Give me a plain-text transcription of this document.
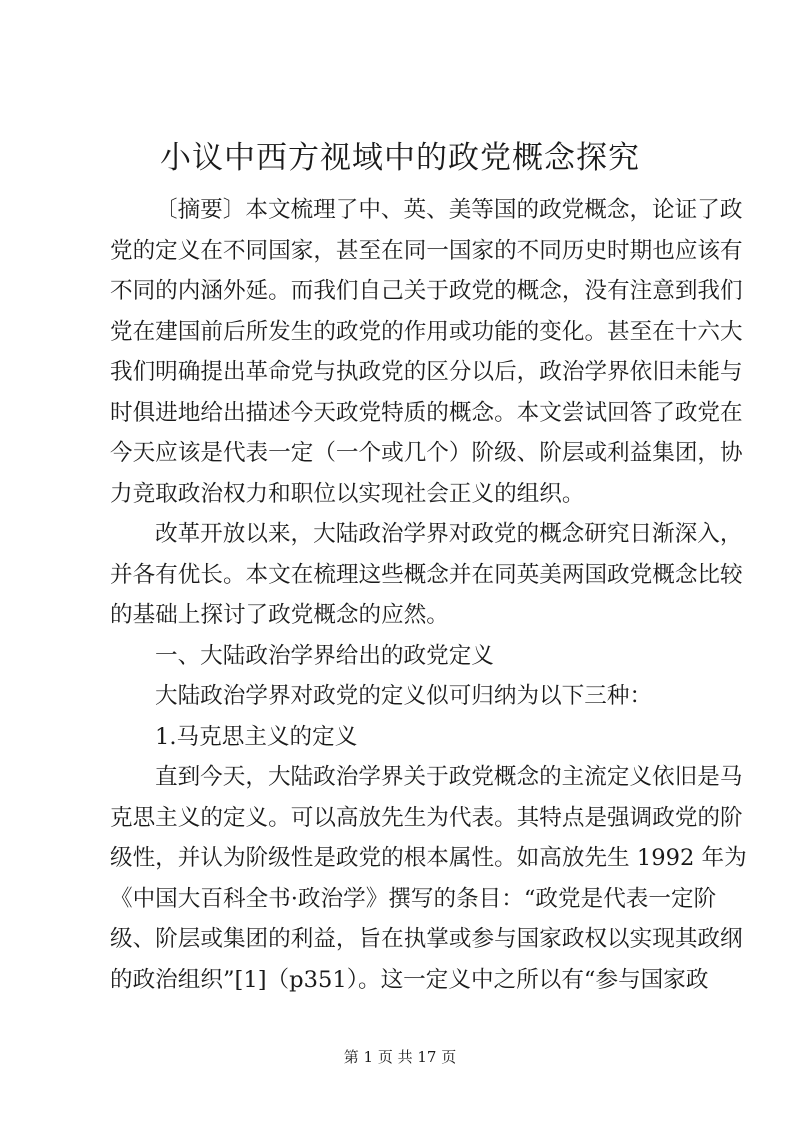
小议中西方视域中的政党概念探究
〔摘要〕本文梳理了中、英、美等国的政党概念，论证了政
党的定义在不同国家，甚至在同一国家的不同历史时期也应该有
不同的内涵外延。而我们自己关于政党的概念，没有注意到我们
党在建国前后所发生的政党的作用或功能的变化。甚至在十六大
我们明确提出革命党与执政党的区分以后，政治学界依旧未能与
时俱进地给出描述今天政党特质的概念。本文尝试回答了政党在
今天应该是代表一定（一个或几个）阶级、阶层或利益集团，协
力竞取政治权力和职位以实现社会正义的组织。
改革开放以来，大陆政治学界对政党的概念研究日渐深入，
并各有优长。本文在梳理这些概念并在同英美两国政党概念比较
的基础上探讨了政党概念的应然。
一、大陆政治学界给出的政党定义
大陆政治学界对政党的定义似可归纳为以下三种：
1.马克思主义的定义
直到今天，大陆政治学界关于政党概念的主流定义依旧是马
克思主义的定义。可以高放先生为代表。其特点是强调政党的阶
级性，并认为阶级性是政党的根本属性。如高放先生 1992 年为
《中国大百科全书·政治学》撰写的条目：“政党是代表一定阶
级、阶层或集团的利益，旨在执掌或参与国家政权以实现其政纲
的政治组织”[1]（p351）。这一定义中之所以有“参与国家政
第 1 页 共 17 页
